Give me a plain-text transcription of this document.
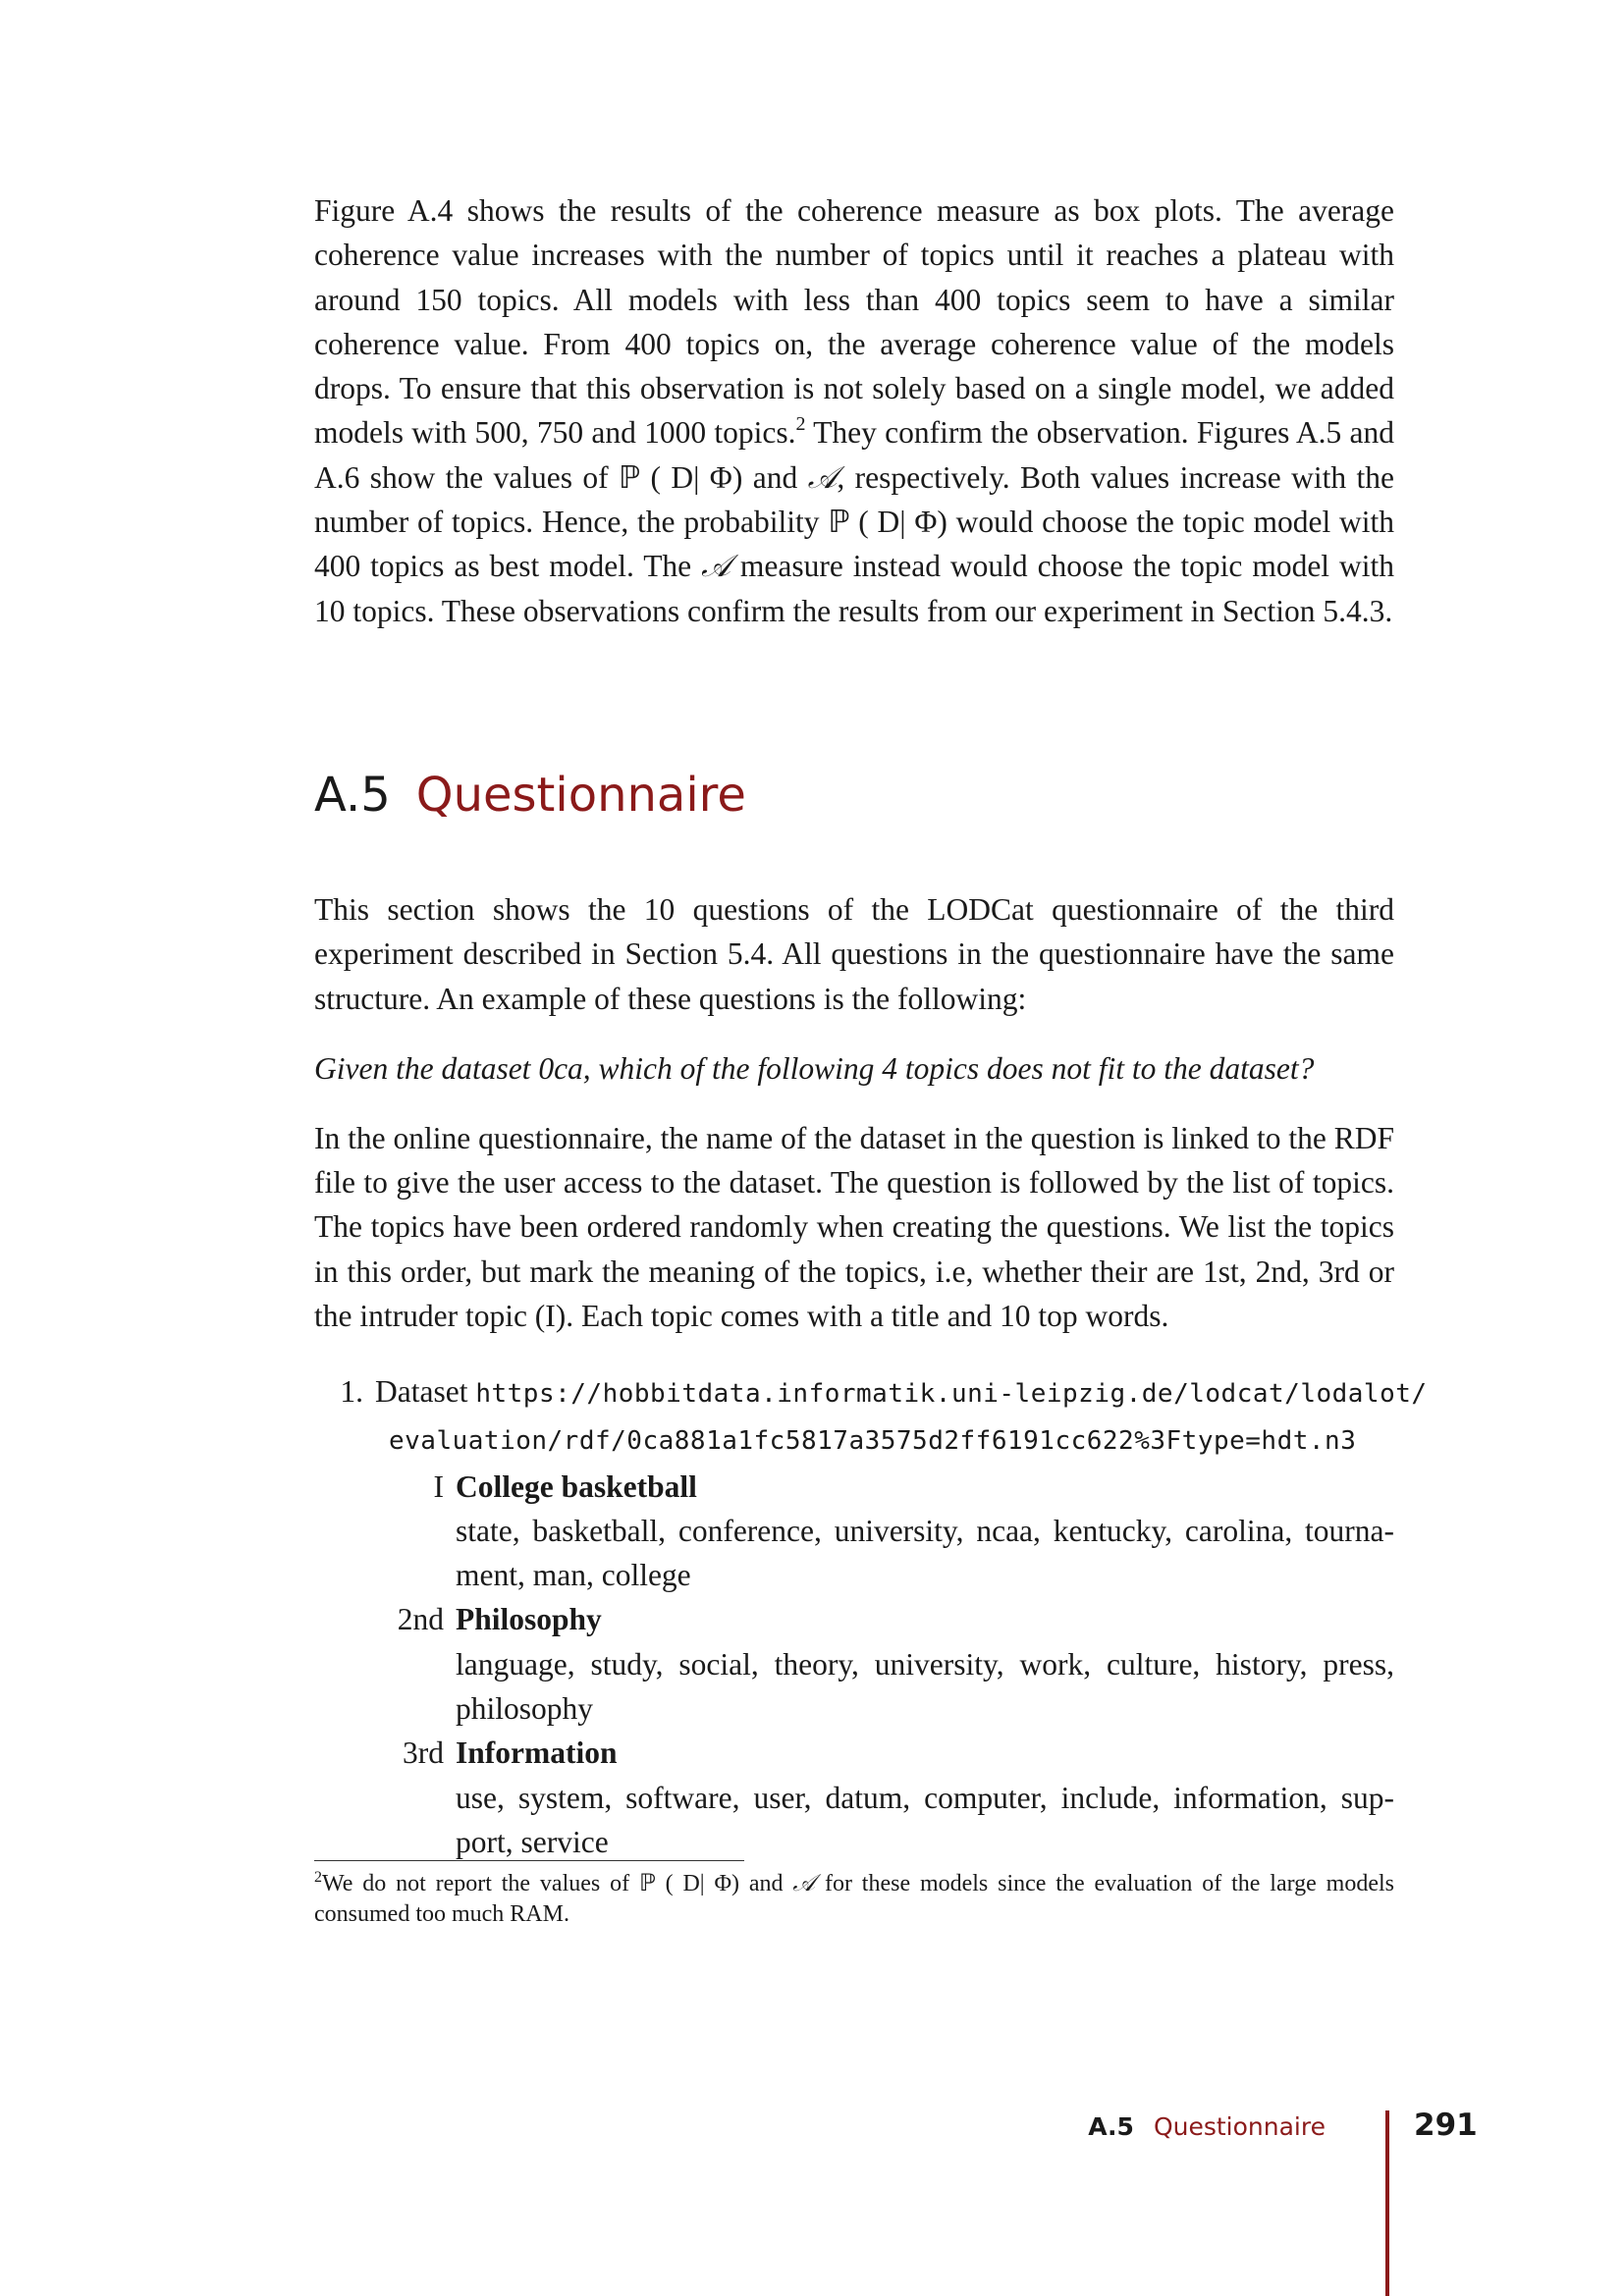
Figure A.4 shows the results of the coherence measure as box plots. The average coherence value increases with the number of topics until it reaches a plateau with around 150 topics. All models with less than 400 topics seem to have a similar coherence value. From 400 topics on, the average coherence value of the models drops. To ensure that this observation is not solely based on a single model, we added models with 500, 750 and 1000 topics.$^2$ They confirm the observation. Figures A.5 and A.6 show the values of ℙ ( D| Φ) and 𝒜, respectively. Both values increase with the number of topics. Hence, the probability ℙ ( D| Φ) would choose the topic model with 400 topics as best model. The 𝒜 measure instead would choose the topic model with 10 topics. These observations confirm the results from our experiment in Section 5.4.3.

A.5 Questionnaire

This section shows the 10 questions of the LODCat questionnaire of the third experiment described in Section 5.4. All questions in the questionnaire have the same structure. An example of these questions is the following:

Given the dataset 0ca, which of the following 4 topics does not fit to the dataset?

In the online questionnaire, the name of the dataset in the question is linked to the RDF file to give the user access to the dataset. The question is followed by the list of topics. The topics have been ordered randomly when creating the questions. We list the topics in this order, but mark the meaning of the topics, i.e, whether their are 1st, 2nd, 3rd or the intruder topic (I). Each topic comes with a title and 10 top words.

1. Dataset https://hobbitdata.informatik.uni-leipzig.de/lodcat/lodalot/
evaluation/rdf/0ca881a1fc5817a3575d2ff6191cc622%3Ftype=hdt.n3
I College basketball
state, basketball, conference, university, ncaa, kentucky, carolina, tourna-ment, man, college
2nd Philosophy
language, study, social, theory, university, work, culture, history, press, philosophy
3rd Information
use, system, software, user, datum, computer, include, information, sup-port, service
$^2$We do not report the values of ℙ ( D| Φ) and 𝒜 for these models since the evaluation of the large models consumed too much RAM.
A.5 Questionnaire	291
